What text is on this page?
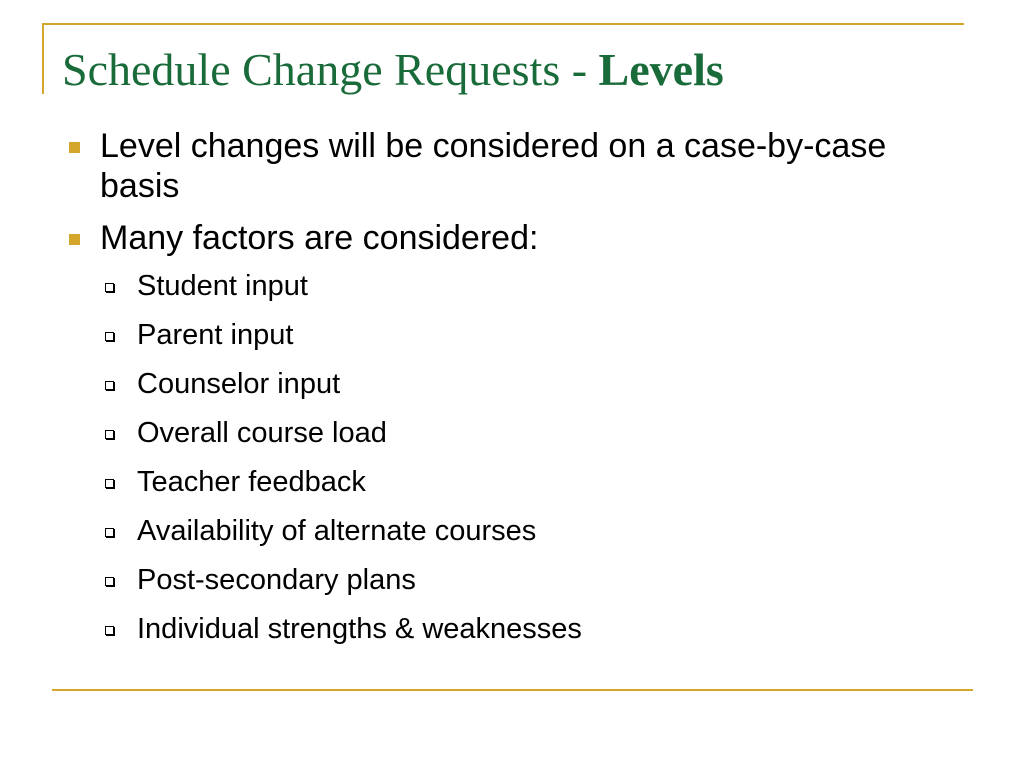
Schedule Change Requests - Levels
Level changes will be considered on a case-by-case basis
Many factors are considered:
Student input
Parent input
Counselor input
Overall course load
Teacher feedback
Availability of alternate courses
Post-secondary plans
Individual strengths & weaknesses
